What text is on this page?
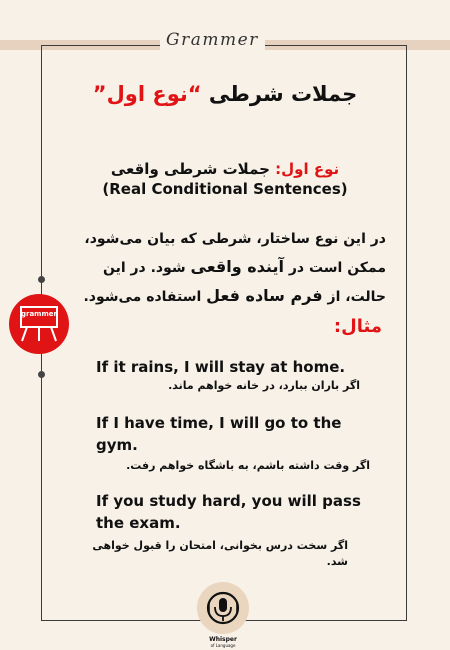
Grammer
جملات شرطی “نوع اول”
نوع اول: جملات شرطی واقعی
(Real Conditional Sentences)
در این نوع ساختار، شرطی که بیان می‌شود، ممکن است در آینده واقعی شود. در این حالت، از فرم ساده فعل استفاده می‌شود.
مثال:
grammer
If it rains, I will stay at home.
اگر باران ببارد، در خانه خواهم ماند.
If I have time, I will go to the gym.
اگر وقت داشته باشم، به باشگاه خواهم رفت.
If you study hard, you will pass the exam.
اگر سخت درس بخوانی، امتحان را قبول خواهی شد.
Whisper
of Language
